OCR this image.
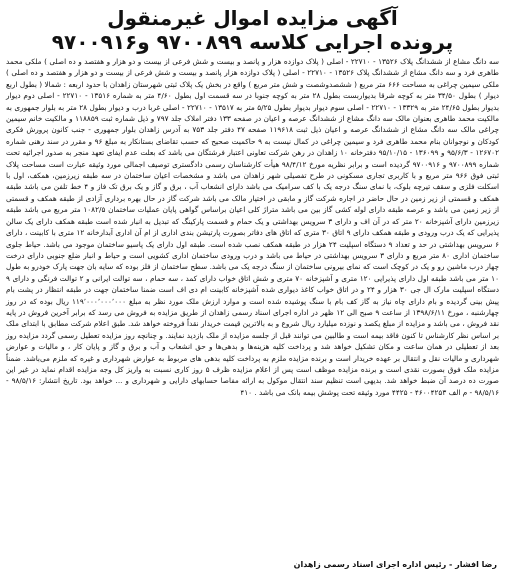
آگهی مزایده اموال غیرمنقول
پرونده اجرایی کلاسه ۹۷۰۰۸۹۹ و۹۷۰۰۹۱۶

سه دانگ مشاع از ششدانگ پلاک ۱۳۵۲۶ - ۲۲۷۱۰ - اصلی ( پلاک دوازده هزار و پانصد و بیست و شش فرعی از بیست و دو هزار و هفتصد و ده اصلی ) ملکی محمد طاهری فرد و سه دانگ مشاع از ششدانگ پلاک ۱۳۵۲۶ - ۲۲۷۱۰ - اصلی ( پلاک دوازده هزار پانصد و بیست و شش فرعی از بیست و دو هزار و هفتصد و ده اصلی ) ملکی سیمین چراغی به مساحت ۶۶۶ متر مربع ( ششصدوشصت و شش متر مربع ) واقع در بخش یک پلاک ثبتی شهرستان زاهدان با حدود اربعه : شمالا ( بطول اربع دیوار ) بطول ۳۴/۵۰ متر به کوچه شرقا بدیواربست بطول ۲۸ متر به کوچه جنوبا در سه قسمت اول بطول ۴/۶۰ متر به شماره ۱۳۵۱۶ - ۲۲۷۱۰ - اصلی دوم دیوار بدیوار بطول ۲۴/۶۵ متر به ۱۳۳۲۹ - ۲۲۷۱۰ - اصلی سوم دیوار بدیوار بطول ۵/۲۵ متر به ۱۳۵۱۷ - ۲۲۷۱۰ - اصلی غربا درب و دیوار بطول ۲۸ متر به بلوار جمهوری به مالکیت محمد طاهری بعنوان مالک سه دانگ مشاع از ششدانگ عرصه و اعیان در صفحه ۱۳۳ دفتر املاک جلد ۷۹۷ و ذیل شماره ثبت ۱۱۸۸۵۹ و مالکیت خانم سیمین چراغی مالک سه دانگ مشاع از ششدانگ عرصه و اعیان ذیل ثبت ۱۱۹۶۱۸ صفحه ۴۷ دفتر جلد ۷۵۳ به آدرس زاهدان بلوار جمهوری - جنب کانون پرورش فکری کودکان و نوجوانان بنام محمد طاهری فرد و سیمین چراغی در کمال نیست به ۹ حاکمیت صحیح که حسب تقاضای بستانکار به مبلغ ۹۶ و مقرر در سند رهنی شماره ۱۲۶۷۰۲ - ۹۵/۶/۳ و ۱۳۶۰۹۹ - ۹۵/۱۰/۱۵ دفترخانه ۱۰ زاهدان در رهن شرکت تعاونی اعتبار فرشتگان می باشد که بعلت عدم ایفای تعهد منجر به صدور اجرائیه تحت شماره ۹۷۰۰۸۹۹ و ۹۷۰۰۹۱۶ گردیده است و برابر نظریه مورخ ۹۸/۴/۱۲ هیأت کارشناسان رسمی دادگستری توصیف اجمالی مورد وثیقه عبارت است مساحت پلاک ثبتی فوق ۹۶۶ متر مربع و با کاربری تجاری مسکونی در طرح تفصیلی شهر زاهدان می باشد و مشخصات اعیان ساختمان در سه طبقه زیرزمین، همکف، اول با اسکلت فلزی و سقف تیرچه بلوک، با نمای سنگ درجه یک با کف سرامیک می باشد دارای انشعاب آب ، برق و گاز و یک برق تک فاز و ۴ خط تلفن می باشد طبقه همکف و قسمتی از زیر زمین در حال حاضر در اجاره شرکت گاز و مابقی در اختیار مالک می باشد شرکت گاز در حال بهره برداری آزادی از طبقه همکف و قسمتی از زیر زمین می باشد و عرصه طبقه دارای لوله کشی گاز بین می باشد متراژ کلی اعیان براساس گواهی پایان عملیات ساختمان ۱۰۸۲/۵ متر مربع می باشد طبقه زیرزمین دارای آشپزخانه ۲۰ متر که در آن اف و دارای ۳ سرویس بهداشتی و یک حمام و قسمت پارکینگ که تبدیل به انبار شده است طبقه همکف دارای یک سالن پذیرایی که یک درب ورودی و طبقه همکف دارای ۹ اتاق ۳۰ متری که اتاق های دفاتر بصورت پارتیشن بندی اداری از ام آن اداری آبدارخانه ۱۲ متری با کابینت ، دارای ۶ سرویس بهداشتی در حد و تعداد ۹ دستگاه اسپلیت ۲۴ هزار در طبقه همکف نصب شده است. طبقه اول دارای یک پاسیو ساختمان موجود می باشد. حیاط جلوی ساختمان اداری ۸۰ متر مربع و دارای ۳ سرویس بهداشتی در حیاط می باشد و درب ورودی ساختمان اداری کشویی است و حیاط و انبار ضلع جنوبی دارای درخت چهار درب ماشین رو و یک در کوچک است که نمای بیرونی ساختمان از سنگ درجه یک می باشد. سطح ساختمان از فلز بوده که سایه بان جهت پارک خودرو به طول ۱۰ متر می باشد طبقه اول دارای پذیرایی ۱۲۰ متری و آشپزخانه ۷۰ متری و شش اتاق خواب دارای کمد ، سه حمام ، سه توالت ایرانی و ۲ توالت فرنگی و دارای ۹ دستگاه اسپلیت مارک ال جی ۳۰ هزار و ۲۴ و در اتاق خواب کاغذ دیواری شده آشپزخانه کابینت ام دی اف است ضمنا ساختمان جهت در طبقه انتظار در پشت بام پیش بینی گردیده و بام دارای چاه نیاز به گاز کف بام با سنگ پوشیده شده است و موارد ارزش ملک مورد نظر به مبلغ ۱۱۹٬۰۰۰٬۰۰۰٬۰۰۰ ریال بوده که در روز چهارشنبه ، مورخ ۱۳۹۸/۶/۱۱ از ساعت ۹ صبح الی ۱۲ ظهر در اداره اجرای اسناد رسمی زاهدان از طریق مزایده به فروش می رسد که برابر آخرین فروش در پایه نقد فروش ، می باشد و مزایده از مبلغ یکصد و نوزده میلیارد ریال شروع و به بالاترین قیمت خریدار نقداً فروخته خواهد شد. طبق اعلام شرکت مطابق با ابتدای ملک بر اساس نظر کارشناس تا کنون فاقد بیمه است و طالبین می توانند قبل از جلسه مزایده از ملک بازدید نمایند. و چنانچه روز مزایده تعطیل رسمی گردد مزایده روز بعد از تعطیلی در همان ساعت و مکان تشکیل خواهد شد و پرداخت کلیه هزینه‌ها و بدهی‌ها و حق انشعاب و آب و برق و گاز و پایان کار ، و مالیات و عوارض شهرداری و مالیات نقل و انتقال بر عهده خریدار است و برنده مزایده ملزم به پرداخت کلیه بدهی های مربوط به عوارض شهرداری و غیره که ملزم می‌باشد. ضمناً مزایده ملک فوق بصورت نقدی است و برنده مزایده موظف است پس از اعلام مزایده ظرف ۵ روز کاری نسبت به واریز کل وجه مزایده اقدام نماید در غیر این صورت ده درصد آن ضبط خواهد شد. بدیهی است تنظیم سند انتقال موکول به ارائه مفاصا حسابهای دارایی و شهرداری و ... خواهد بود. تاریخ انتشار: ۹۸/۵/۱۶ - ۹۸/۵/۱۶ - م الف ۴۶۰۰۴۲۵۳ - ۴۴۲۵ مورد وثیقه تحت پوشش بیمه بانک می باشد . ۴۱۰

رضا افشار - رئیس اداره اجرای اسناد رسمی زاهدان
